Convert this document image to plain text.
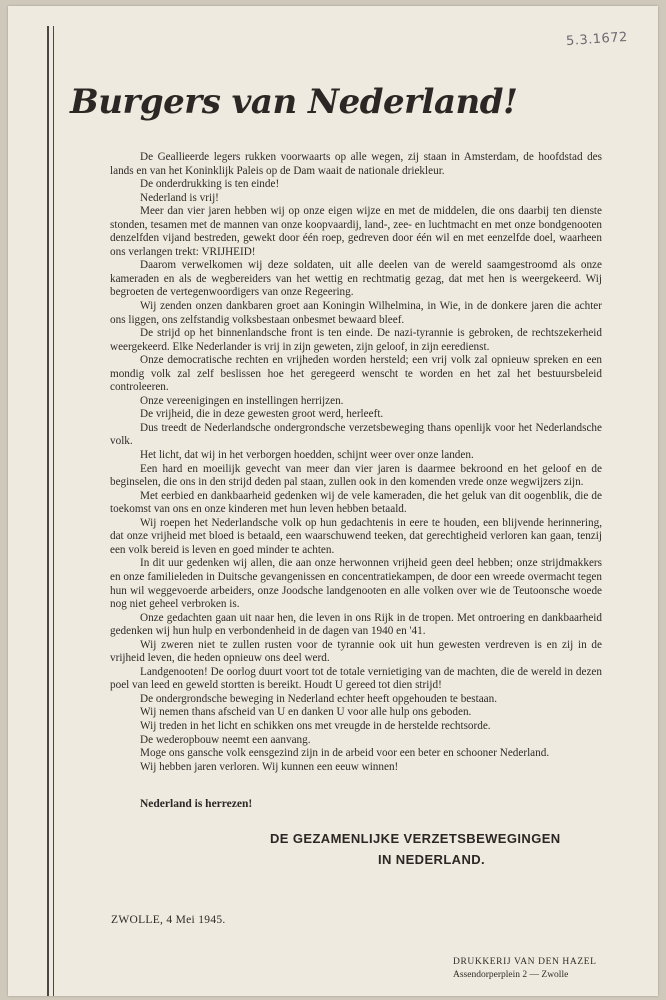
5.3.1672
Burgers van Nederland!

De Geallieerde legers rukken voorwaarts op alle wegen, zij staan in Amsterdam, de hoofdstad des lands en van het Koninklijk Paleis op de Dam waait de nationale driekleur.

De onderdrukking is ten einde!

Nederland is vrij!

Meer dan vier jaren hebben wij op onze eigen wijze en met de middelen, die ons daarbij ten dienste stonden, tesamen met de mannen van onze koopvaardij, land-, zee- en luchtmacht en met onze bondgenooten denzelfden vijand bestreden, gewekt door één roep, gedreven door één wil en met eenzelfde doel, waarheen ons verlangen trekt: VRIJHEID!

Daarom verwelkomen wij deze soldaten, uit alle deelen van de wereld saamgestroomd als onze kameraden en als de wegbereiders van het wettig en rechtmatig gezag, dat met hen is weergekeerd. Wij begroeten de vertegenwoordigers van onze Regeering.

Wij zenden onzen dankbaren groet aan Koningin Wilhelmina, in Wie, in de donkere jaren die achter ons liggen, ons zelfstandig volksbestaan onbesmet bewaard bleef.

De strijd op het binnenlandsche front is ten einde. De nazi-tyrannie is gebroken, de rechtszekerheid weergekeerd. Elke Nederlander is vrij in zijn geweten, zijn geloof, in zijn eeredienst.

Onze democratische rechten en vrijheden worden hersteld; een vrij volk zal opnieuw spreken en een mondig volk zal zelf beslissen hoe het geregeerd wenscht te worden en het zal het bestuursbeleid controleeren.

Onze vereenigingen en instellingen herrijzen.

De vrijheid, die in deze gewesten groot werd, herleeft.

Dus treedt de Nederlandsche ondergrondsche verzetsbeweging thans openlijk voor het Nederlandsche volk.

Het licht, dat wij in het verborgen hoedden, schijnt weer over onze landen.

Een hard en moeilijk gevecht van meer dan vier jaren is daarmee bekroond en het geloof en de beginselen, die ons in den strijd deden pal staan, zullen ook in den komenden vrede onze wegwijzers zijn.

Met eerbied en dankbaarheid gedenken wij de vele kameraden, die het geluk van dit oogenblik, die de toekomst van ons en onze kinderen met hun leven hebben betaald.

Wij roepen het Nederlandsche volk op hun gedachtenis in eere te houden, een blijvende herinnering, dat onze vrijheid met bloed is betaald, een waarschuwend teeken, dat gerechtigheid verloren kan gaan, tenzij een volk bereid is leven en goed minder te achten.

In dit uur gedenken wij allen, die aan onze herwonnen vrijheid geen deel hebben; onze strijdmakkers en onze familieleden in Duitsche gevangenissen en concentratiekampen, de door een wreede overmacht tegen hun wil weggevoerde arbeiders, onze Joodsche landgenooten en alle volken over wie de Teutoonsche woede nog niet geheel verbroken is.

Onze gedachten gaan uit naar hen, die leven in ons Rijk in de tropen. Met ontroering en dankbaarheid gedenken wij hun hulp en verbondenheid in de dagen van 1940 en '41.

Wij zweren niet te zullen rusten voor de tyrannie ook uit hun gewesten verdreven is en zij in de vrijheid leven, die heden opnieuw ons deel werd.

Landgenooten! De oorlog duurt voort tot de totale vernietiging van de machten, die de wereld in dezen poel van leed en geweld stortten is bereikt. Houdt U gereed tot dien strijd!

De ondergrondsche beweging in Nederland echter heeft opgehouden te bestaan.

Wij nemen thans afscheid van U en danken U voor alle hulp ons geboden.

Wij treden in het licht en schikken ons met vreugde in de herstelde rechtsorde.

De wederopbouw neemt een aanvang.

Moge ons gansche volk eensgezind zijn in de arbeid voor een beter en schooner Nederland.

Wij hebben jaren verloren. Wij kunnen een eeuw winnen!

Nederland is herrezen!
DE GEZAMENLIJKE VERZETSBEWEGINGEN
IN NEDERLAND.
ZWOLLE, 4 Mei 1945.
DRUKKERIJ VAN DEN HAZEL
Assendorperplein 2 — Zwolle
